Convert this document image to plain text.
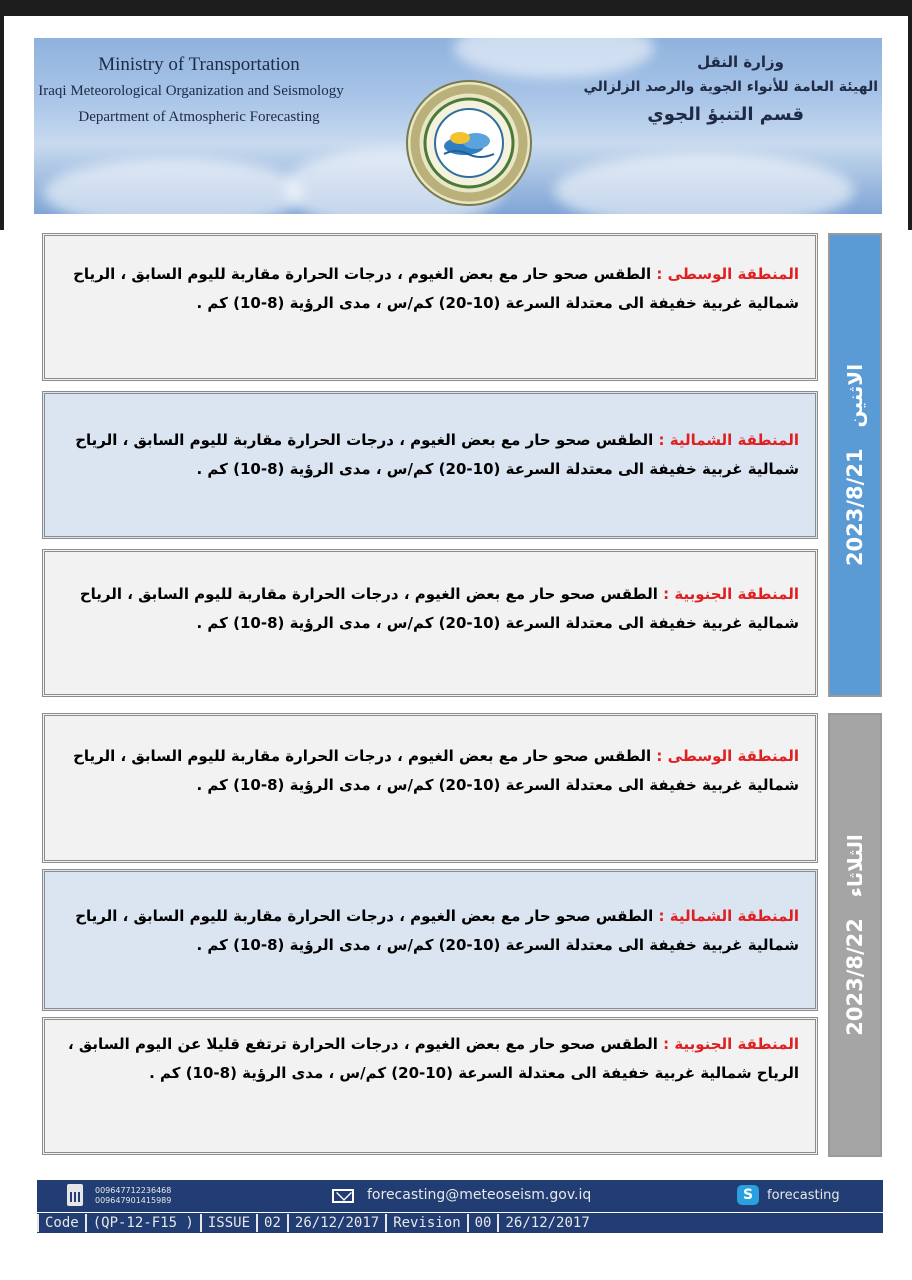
Ministry of Transportation
Iraqi Meteorological Organization and Seismology
Department of Atmospheric Forecasting
وزارة النقل
الهيئة العامة للأنواء الجوية والرصد الزلزالي
قسم التنبؤ الجوي
الاثنين   2023/8/21
المنطقة الوسطى : الطقس صحو حار مع بعض الغيوم ، درجات الحرارة مقاربة لليوم السابق ، الرياح شمالية غربية خفيفة الى معتدلة السرعة (10-20) كم/س ، مدى الرؤية (8-10) كم .
المنطقة الشمالية : الطقس صحو حار مع بعض الغيوم ، درجات الحرارة مقاربة لليوم السابق ، الرياح شمالية غربية خفيفة الى معتدلة السرعة (10-20) كم/س ، مدى الرؤية (8-10) كم .
المنطقة الجنوبية : الطقس صحو حار مع بعض الغيوم ، درجات الحرارة مقاربة لليوم السابق ، الرياح شمالية غربية خفيفة الى معتدلة السرعة (10-20) كم/س ، مدى الرؤية (8-10) كم .
الثلاثاء   2023/8/22
المنطقة الوسطى : الطقس صحو حار مع بعض الغيوم ، درجات الحرارة مقاربة لليوم السابق ، الرياح شمالية غربية خفيفة الى معتدلة السرعة (10-20) كم/س ، مدى الرؤية (8-10) كم .
المنطقة الشمالية : الطقس صحو حار مع بعض الغيوم ، درجات الحرارة مقاربة لليوم السابق ، الرياح شمالية غربية خفيفة الى معتدلة السرعة (10-20) كم/س ، مدى الرؤية (8-10) كم .
المنطقة الجنوبية : الطقس صحو حار مع بعض الغيوم ، درجات الحرارة ترتفع قليلا عن اليوم السابق ، الرياح شمالية غربية خفيفة الى معتدلة السرعة (10-20) كم/س ، مدى الرؤية (8-10) كم .
009647712236468
009647901415989	forecasting@meteoseism.gov.iq	S	forecasting
Code	(QP-12-F15 )	ISSUE	02	26/12/2017	Revision	00	26/12/2017
